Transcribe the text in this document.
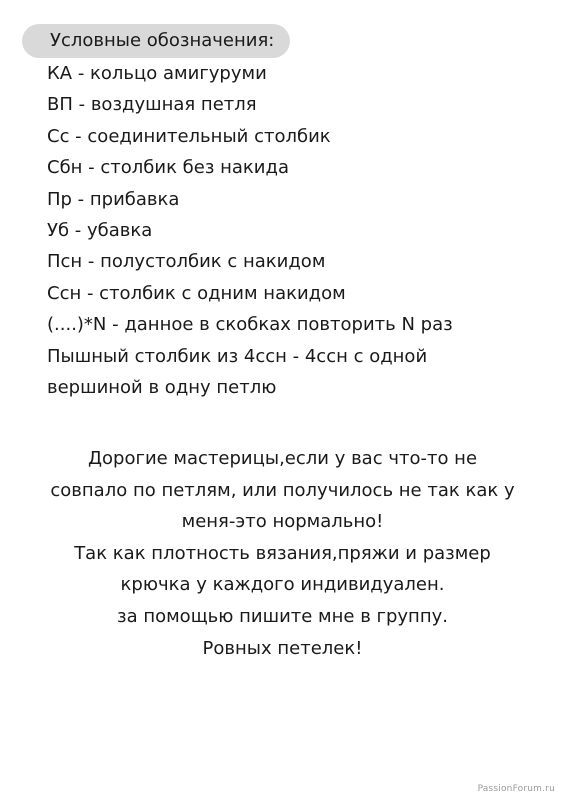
Условные обозначения:
КА - кольцо амигуруми
ВП - воздушная петля
Сс - соединительный столбик
Сбн - столбик без накида
Пр - прибавка
Уб - убавка
Псн - полустолбик с накидом
Ссн - столбик с одним накидом
(....)*N - данное в скобках повторить N раз
Пышный столбик из 4ссн - 4ссн с одной
вершиной в одну петлю
Дорогие мастерицы,если у вас что-то не
совпало по петлям, или получилось не так как у
меня-это нормально!
Так как плотность вязания,пряжи и размер
крючка у каждого индивидуален.
за помощью пишите мне в группу.
Ровных петелек!
PassionForum.ru
